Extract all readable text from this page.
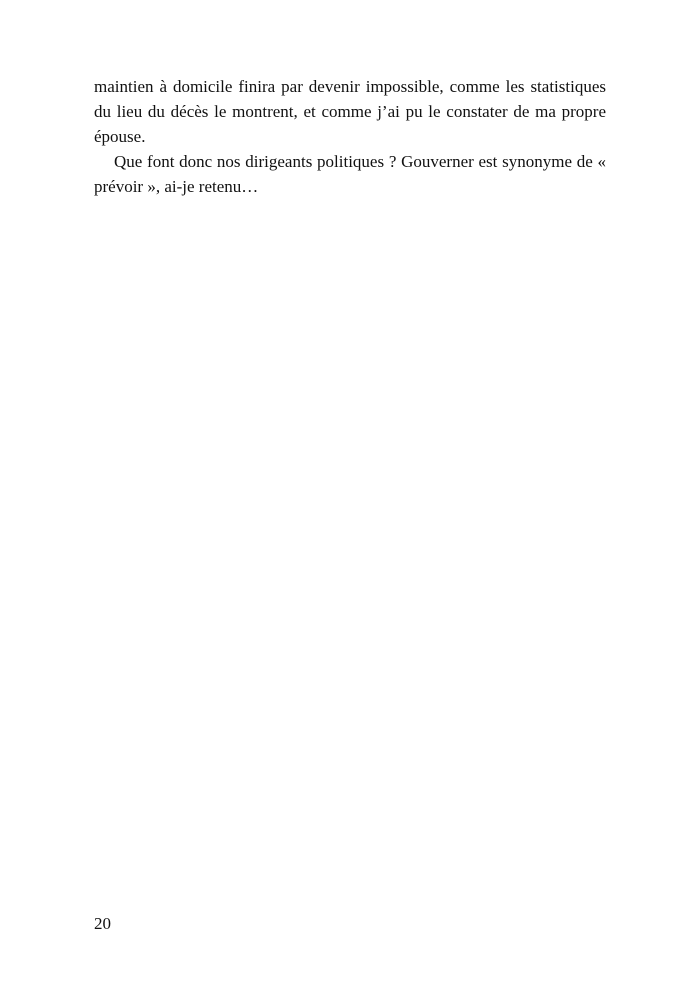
maintien à domicile finira par devenir impossible, comme les statistiques du lieu du décès le montrent, et comme j’ai pu le constater de ma propre épouse.

Que font donc nos dirigeants politiques ? Gouverner est synonyme de « prévoir », ai-je retenu…

20
